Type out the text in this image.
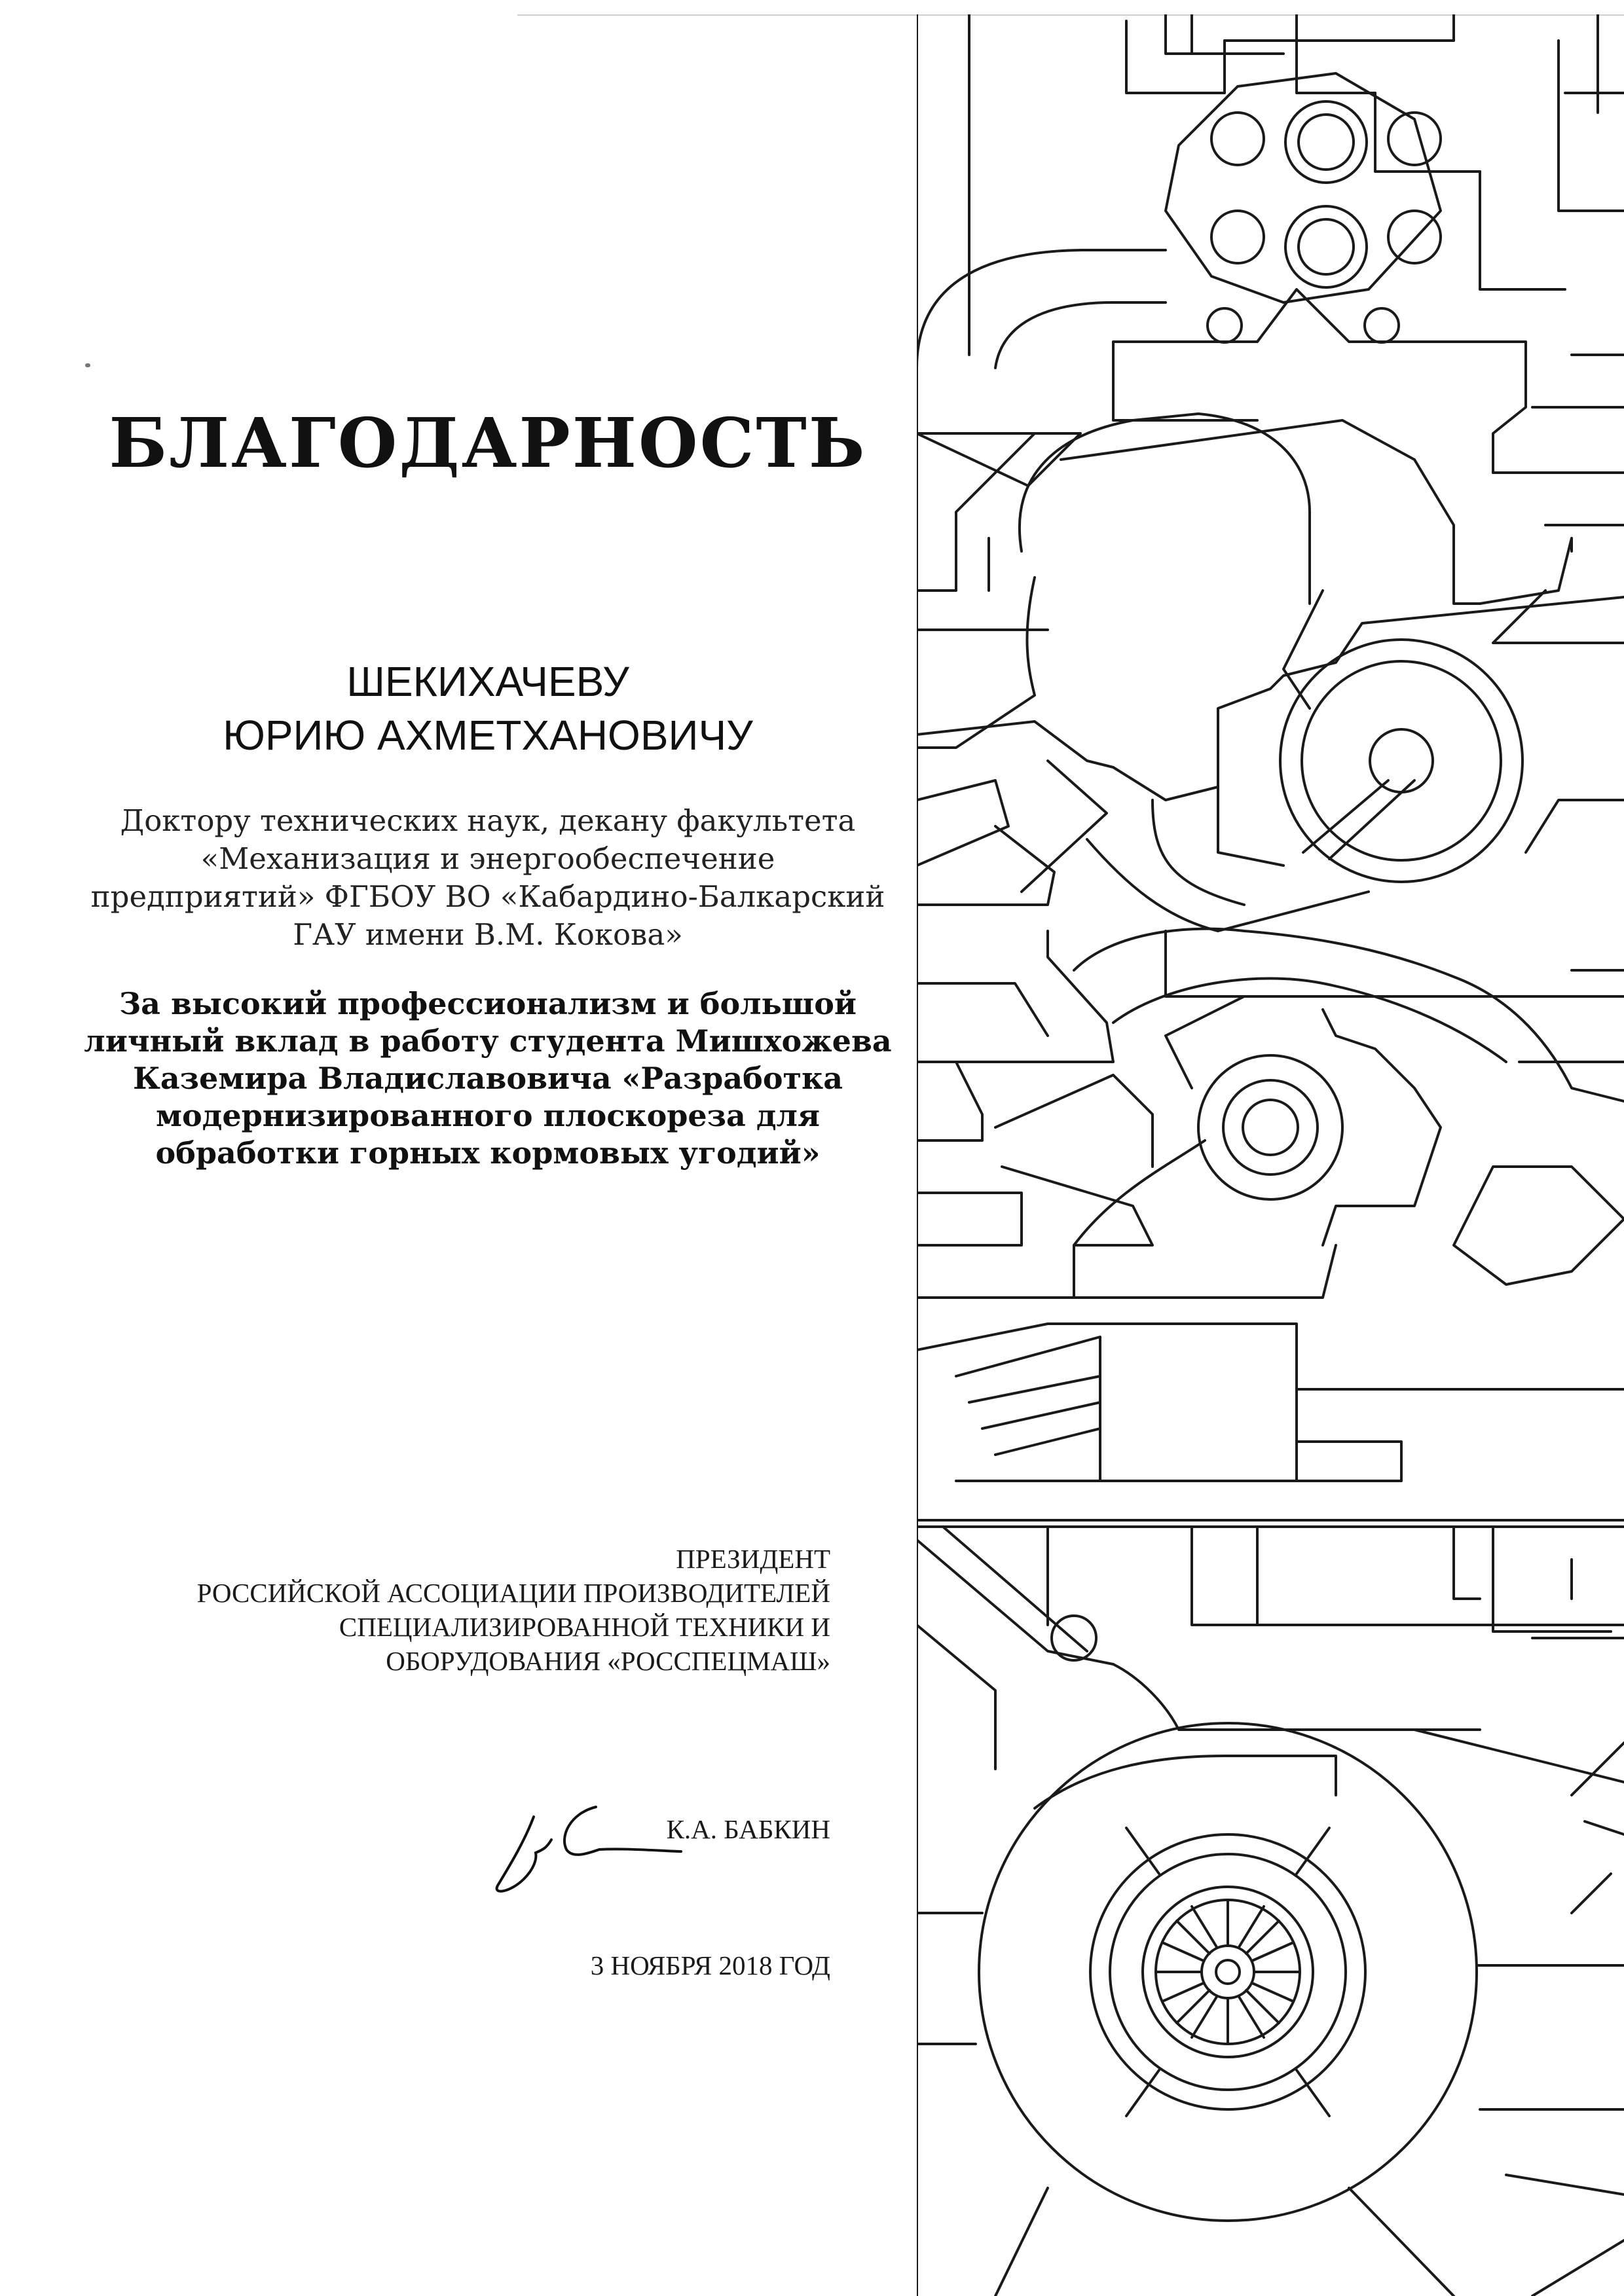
БЛАГОДАРНОСТЬ
ШЕКИХАЧЕВУ
ЮРИЮ АХМЕТХАНОВИЧУ
Доктору технических наук, декану факультета
«Механизация и энергообеспечение
предприятий» ФГБОУ ВО «Кабардино-Балкарский
ГАУ имени В.М. Кокова»
За высокий профессионализм и большой
личный вклад в работу студента Мишхожева
Каземира Владиславовича «Разработка
модернизированного плоскореза для
обработки горных кормовых угодий»
ПРЕЗИДЕНТ
РОССИЙСКОЙ АССОЦИАЦИИ ПРОИЗВОДИТЕЛЕЙ
СПЕЦИАЛИЗИРОВАННОЙ ТЕХНИКИ И
ОБОРУДОВАНИЯ «РОССПЕЦМАШ»
К.А. БАБКИН
3 НОЯБРЯ 2018 ГОД
